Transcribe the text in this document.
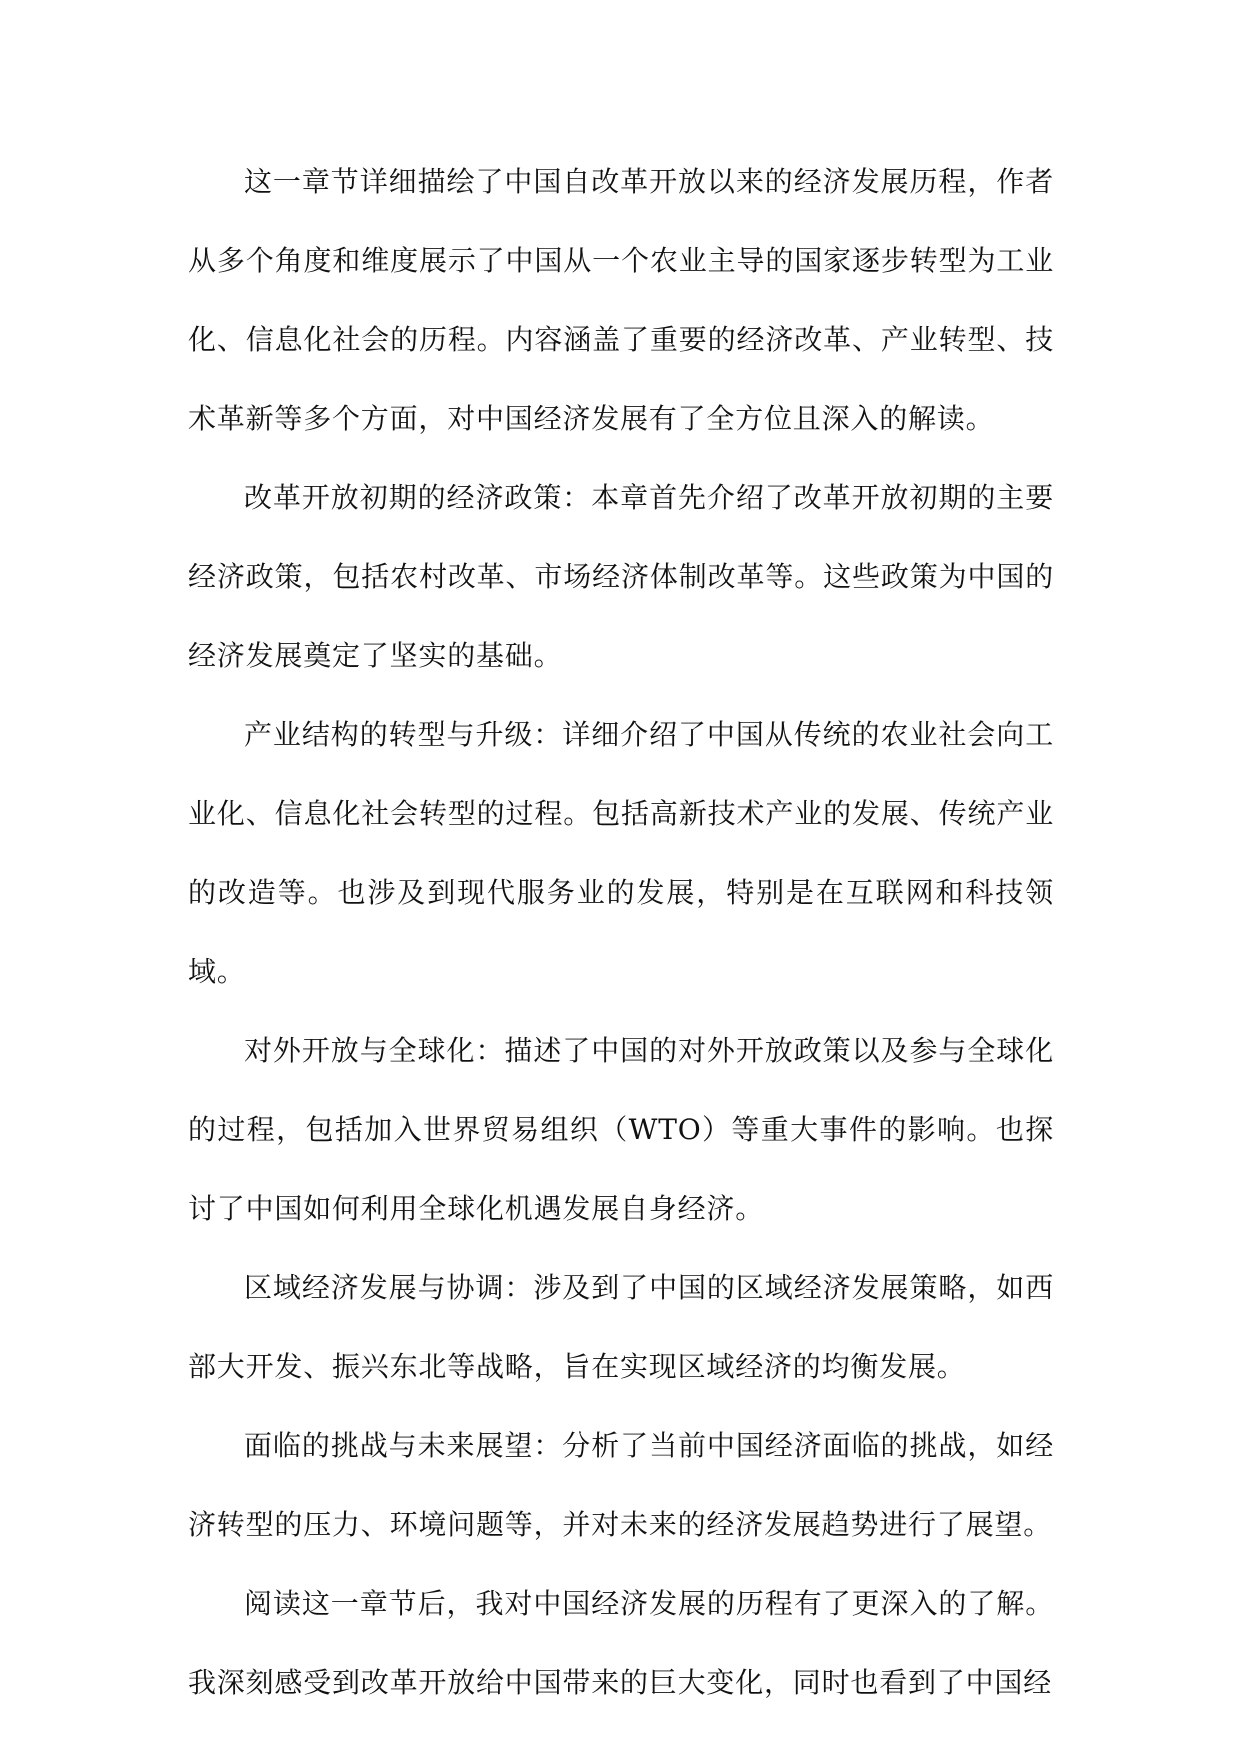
这一章节详细描绘了中国自改革开放以来的经济发展历程，作者从多个角度和维度展示了中国从一个农业主导的国家逐步转型为工业化、信息化社会的历程。内容涵盖了重要的经济改革、产业转型、技术革新等多个方面，对中国经济发展有了全方位且深入的解读。

改革开放初期的经济政策：本章首先介绍了改革开放初期的主要经济政策，包括农村改革、市场经济体制改革等。这些政策为中国的经济发展奠定了坚实的基础。

产业结构的转型与升级：详细介绍了中国从传统的农业社会向工业化、信息化社会转型的过程。包括高新技术产业的发展、传统产业的改造等。也涉及到现代服务业的发展，特别是在互联网和科技领域。

对外开放与全球化：描述了中国的对外开放政策以及参与全球化的过程，包括加入世界贸易组织（WTO）等重大事件的影响。也探讨了中国如何利用全球化机遇发展自身经济。

区域经济发展与协调：涉及到了中国的区域经济发展策略，如西部大开发、振兴东北等战略，旨在实现区域经济的均衡发展。

面临的挑战与未来展望：分析了当前中国经济面临的挑战，如经济转型的压力、环境问题等，并对未来的经济发展趋势进行了展望。

阅读这一章节后，我对中国经济发展的历程有了更深入的了解。我深刻感受到改革开放给中国带来的巨大变化，同时也看到了中国经
